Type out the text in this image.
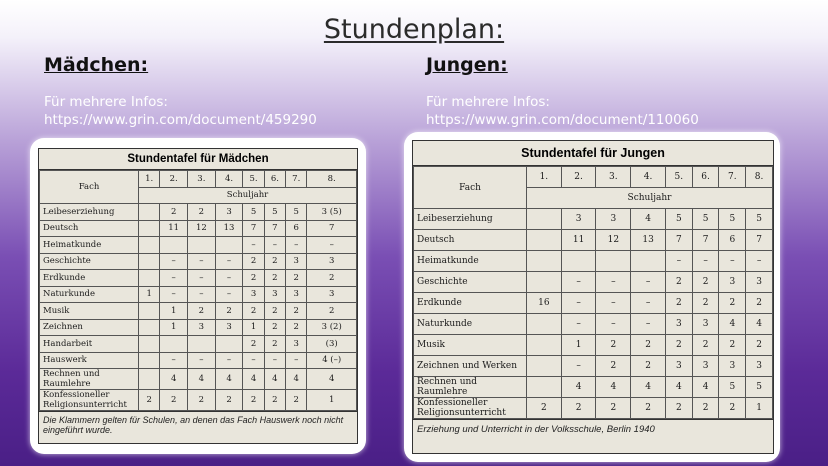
Stundenplan:
Mädchen:	Jungen:
Für mehrere Infos:
https://www.grin.com/document/459290
Für mehrere Infos:
https://www.grin.com/document/110060
Stundentafel für Mädchen
Fach	1.	2.	3.	4.	5.	6.	7.	8.
	Schuljahr							
Leibeserziehung		2	2	3	5	5	5	3 (5)
Deutsch		11	12	13	7	7	6	7
Heimatkunde					–	–	–	–
Geschichte		–	–	–	2	2	3	3
Erdkunde		–	–	–	2	2	2	2
Naturkunde	1	–	–	–	3	3	3	3
Musik		1	2	2	2	2	2	2
Zeichnen		1	3	3	1	2	2	3 (2)
Handarbeit					2	2	3	(3)
Hauswerk		–	–	–	–	–	–	4 (–)
Rechnen und Raumlehre		4	4	4	4	4	4	4
Konfessioneller Religionsunterricht	2	2	2	2	2	2	2	1
Die Klammern gelten für Schulen, an denen das Fach Hauswerk noch nicht eingeführt wurde.
Stundentafel für Jungen
Fach	1.	2.	3.	4.	5.	6.	7.	8.
	Schuljahr							
Leibeserziehung		3	3	4	5	5	5	5
Deutsch		11	12	13	7	7	6	7
Heimatkunde					–	–	–	–
Geschichte		–	–	–	2	2	3	3
Erdkunde	16	–	–	–	2	2	2	2
Naturkunde		–	–	–	3	3	4	4
Musik		1	2	2	2	2	2	2
Zeichnen und Werken		–	2	2	3	3	3	3
Rechnen und Raumlehre		4	4	4	4	4	5	5
Konfessioneller Religionsunterricht	2	2	2	2	2	2	2	1
Erziehung und Unterricht in der Volksschule, Berlin 1940
